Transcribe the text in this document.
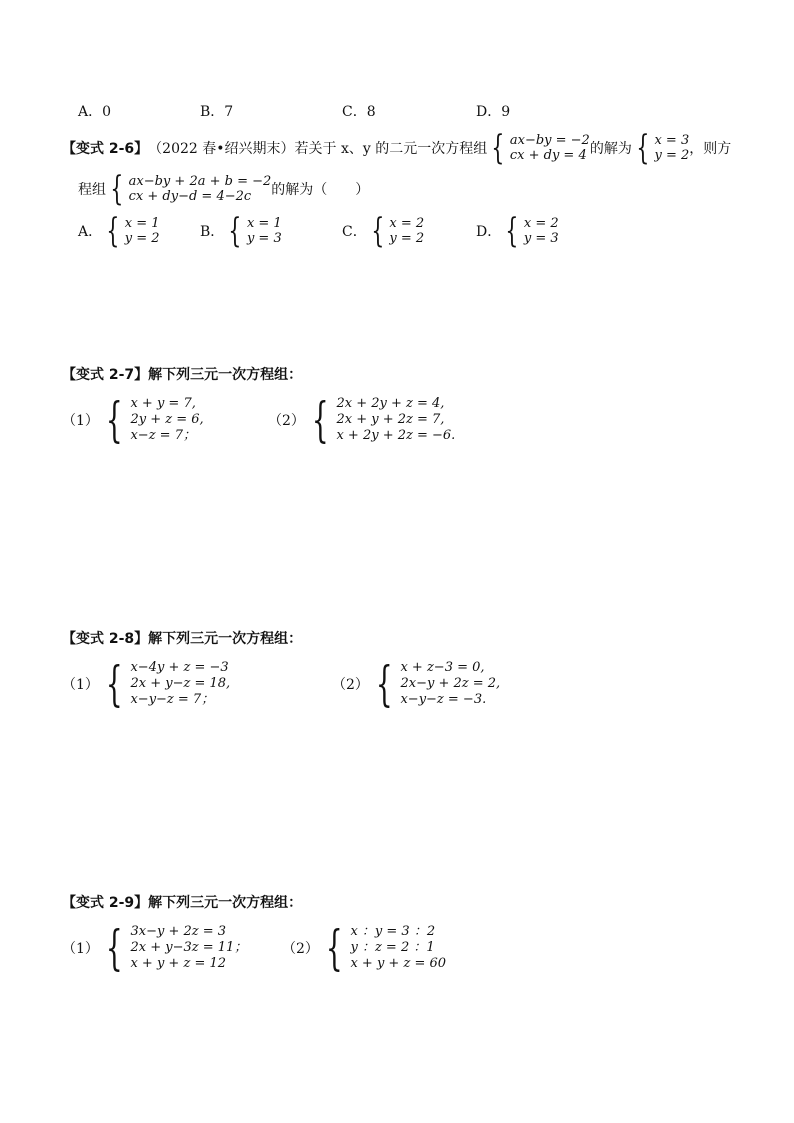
A．0	B．7	C．8	D．9
【变式 2-6】 （2022 春•绍兴期末）若关于 x、y 的二元一次方程组 { ax−by = −2
cx + dy = 4 的解为 { x = 3
y = 2 ，则方
程组 { ax−by + 2a + b = −2
cx + dy−d = 4−2c	的解为（　　）
A． { x = 1
y = 2	B． { x = 1
y = 3	C． { x = 2
y = 2	D． { x = 2
y = 3
【变式 2-7】解下列三元一次方程组：
（1） { x + y = 7,
2y + z = 6,
x−z = 7；
（2） { 2x + 2y + z = 4,
2x + y + 2z = 7,
x + 2y + 2z = −6.
【变式 2-8】解下列三元一次方程组：
（1） { x−4y + z = −3
2x + y−z = 18,
x−y−z = 7；
（2） { x + z−3 = 0,
2x−y + 2z = 2,
x−y−z = −3.
【变式 2-9】解下列三元一次方程组：
（1） { 3x−y + 2z = 3
2x + y−3z = 11；
x + y + z = 12
（2） { x ：y = 3 ：2
y ：z = 2 ：1
x + y + z = 60
